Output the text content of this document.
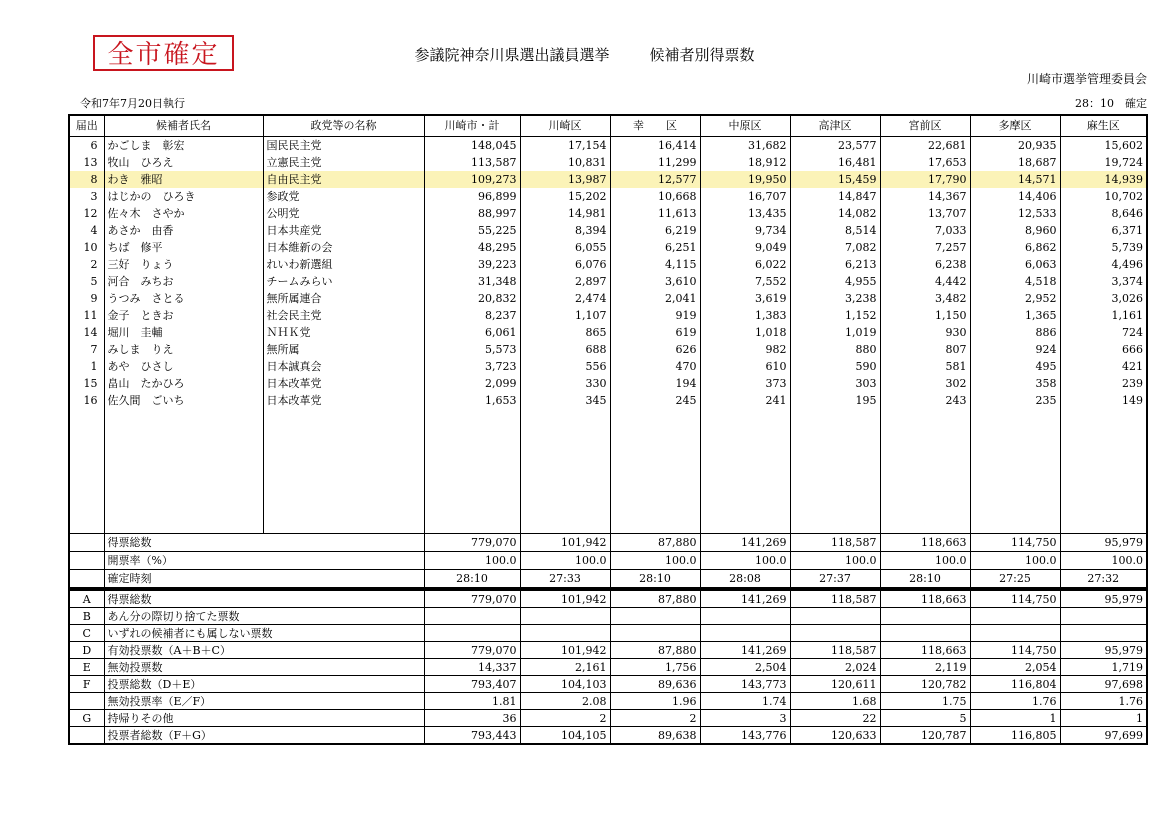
全市確定	参議院神奈川県選出議員選挙	候補者別得票数
川崎市選挙管理委員会
令和7年7月20日執行	28：10　確定
届出	候補者氏名	政党等の名称	川崎市・計	川崎区	幸　　区	中原区	高津区	宮前区	多摩区	麻生区
6	かごしま　彰宏	国民民主党	148,045	17,154	16,414	31,682	23,577	22,681	20,935	15,602
13	牧山　ひろえ	立憲民主党	113,587	10,831	11,299	18,912	16,481	17,653	18,687	19,724
8	わき　雅昭	自由民主党	109,273	13,987	12,577	19,950	15,459	17,790	14,571	14,939
3	はじかの　ひろき	参政党	96,899	15,202	10,668	16,707	14,847	14,367	14,406	10,702
12	佐々木　さやか	公明党	88,997	14,981	11,613	13,435	14,082	13,707	12,533	8,646
4	あさか　由香	日本共産党	55,225	8,394	6,219	9,734	8,514	7,033	8,960	6,371
10	ちば　修平	日本維新の会	48,295	6,055	6,251	9,049	7,082	7,257	6,862	5,739
2	三好　りょう	れいわ新選組	39,223	6,076	4,115	6,022	6,213	6,238	6,063	4,496
5	河合　みちお	チームみらい	31,348	2,897	3,610	7,552	4,955	4,442	4,518	3,374
9	うつみ　さとる	無所属連合	20,832	2,474	2,041	3,619	3,238	3,482	2,952	3,026
11	金子　ときお	社会民主党	8,237	1,107	919	1,383	1,152	1,150	1,365	1,161
14	堀川　圭輔	ＮＨＫ党	6,061	865	619	1,018	1,019	930	886	724
7	みしま　りえ	無所属	5,573	688	626	982	880	807	924	666
1	あや　ひさし	日本誠真会	3,723	556	470	610	590	581	495	421
15	畠山　たかひろ	日本改革党	2,099	330	194	373	303	302	358	239
16	佐久間　ごいち	日本改革党	1,653	345	245	241	195	243	235	149

	得票総数		779,070	101,942	87,880	141,269	118,587	118,663	114,750	95,979
	開票率（%）		100.0	100.0	100.0	100.0	100.0	100.0	100.0	100.0
	確定時刻		28:10	27:33	28:10	28:08	27:37	28:10	27:25	27:32
A	得票総数	779,070	101,942	87,880	141,269	118,587	118,663	114,750	95,979
B	あん分の際切り捨てた票数								
C	いずれの候補者にも属しない票数								
D	有効投票数（A＋B＋C）	779,070	101,942	87,880	141,269	118,587	118,663	114,750	95,979
E	無効投票数	14,337	2,161	1,756	2,504	2,024	2,119	2,054	1,719
F	投票総数（D＋E）	793,407	104,103	89,636	143,773	120,611	120,782	116,804	97,698
	無効投票率（E／F）	1.81	2.08	1.96	1.74	1.68	1.75	1.76	1.76
G	持帰りその他	36	2	2	3	22	5	1	1
	投票者総数（F＋G）	793,443	104,105	89,638	143,776	120,633	120,787	116,805	97,699
